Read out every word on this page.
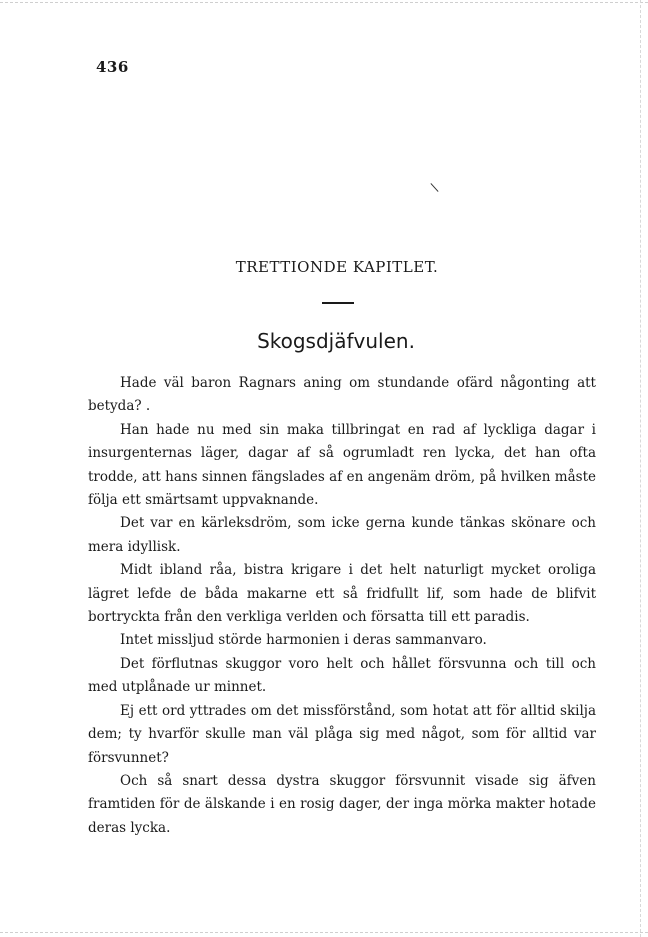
436
TRETTIONDE KAPITLET.
Skogsdjäfvulen.

Hade väl baron Ragnars aning om stundande ofärd någonting att betyda? .

Han hade nu med sin maka tillbringat en rad af lyckliga dagar i insurgenternas läger, dagar af så ogrumladt ren lycka, det han ofta trodde, att hans sinnen fängslades af en angenäm dröm, på hvilken måste följa ett smärtsamt uppvaknande.

Det var en kärleksdröm, som icke gerna kunde tänkas skönare och mera idyllisk.

Midt ibland råa, bistra krigare i det helt naturligt mycket oroliga lägret lefde de båda makarne ett så fridfullt lif, som hade de blifvit bortryckta från den verkliga verlden och försatta till ett paradis.

Intet missljud störde harmonien i deras sammanvaro.

Det förflutnas skuggor voro helt och hållet försvunna och till och med utplånade ur minnet.

Ej ett ord yttrades om det missförstånd, som hotat att för alltid skilja dem; ty hvarför skulle man väl plåga sig med något, som för alltid var försvunnet?

Och så snart dessa dystra skuggor försvunnit visade sig äfven framtiden för de älskande i en rosig dager, der inga mörka makter hotade deras lycka.
